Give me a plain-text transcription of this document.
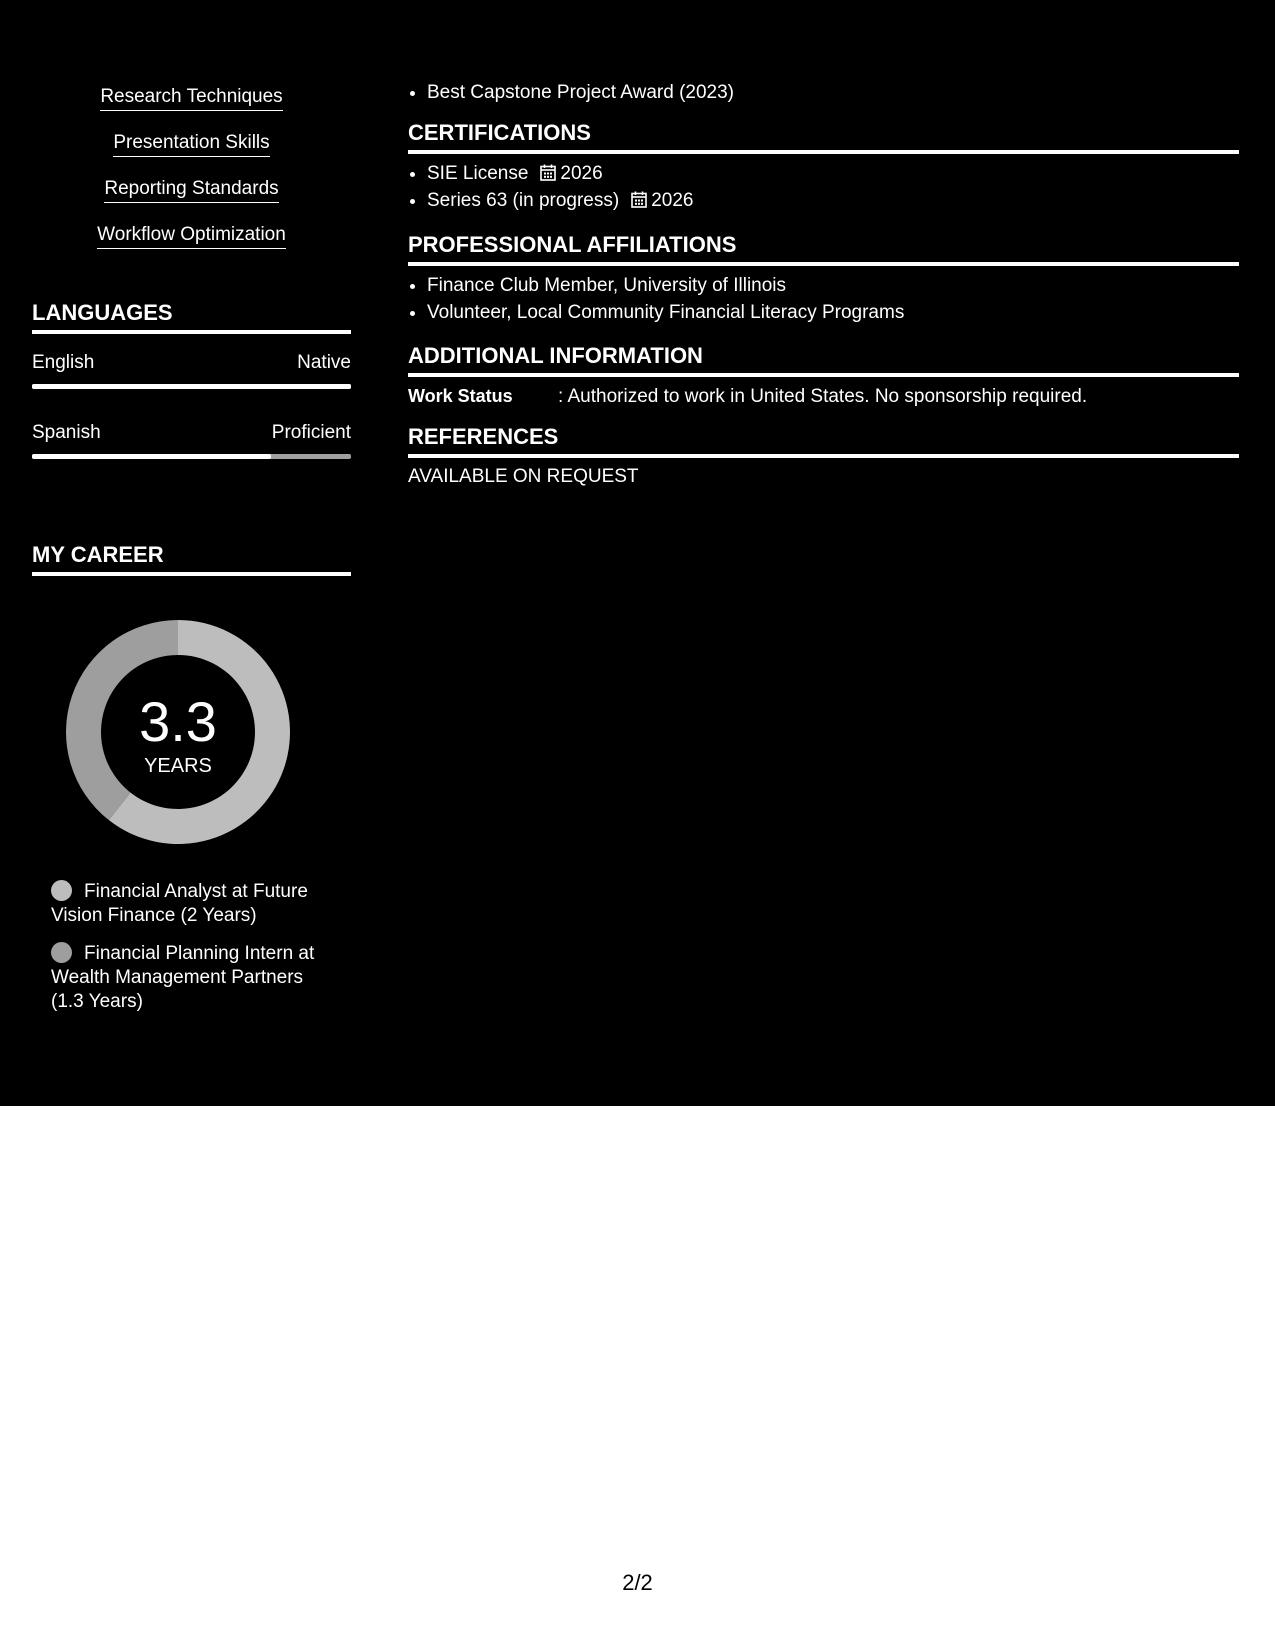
Research Techniques
Presentation Skills
Reporting Standards
Workflow Optimization
LANGUAGES
English	Native
Spanish	Proficient
MY CAREER
3.3
YEARS
Financial Analyst at Future Vision Finance (2 Years)
Financial Planning Intern at Wealth Management Partners (1.3 Years)
• Best Capstone Project Award (2023)
CERTIFICATIONS
• SIE License 2026
• Series 63 (in progress) 2026
PROFESSIONAL AFFILIATIONS
• Finance Club Member, University of Illinois
• Volunteer, Local Community Financial Literacy Programs
ADDITIONAL INFORMATION
Work Status : Authorized to work in United States. No sponsorship required.
REFERENCES
AVAILABLE ON REQUEST
2/2
